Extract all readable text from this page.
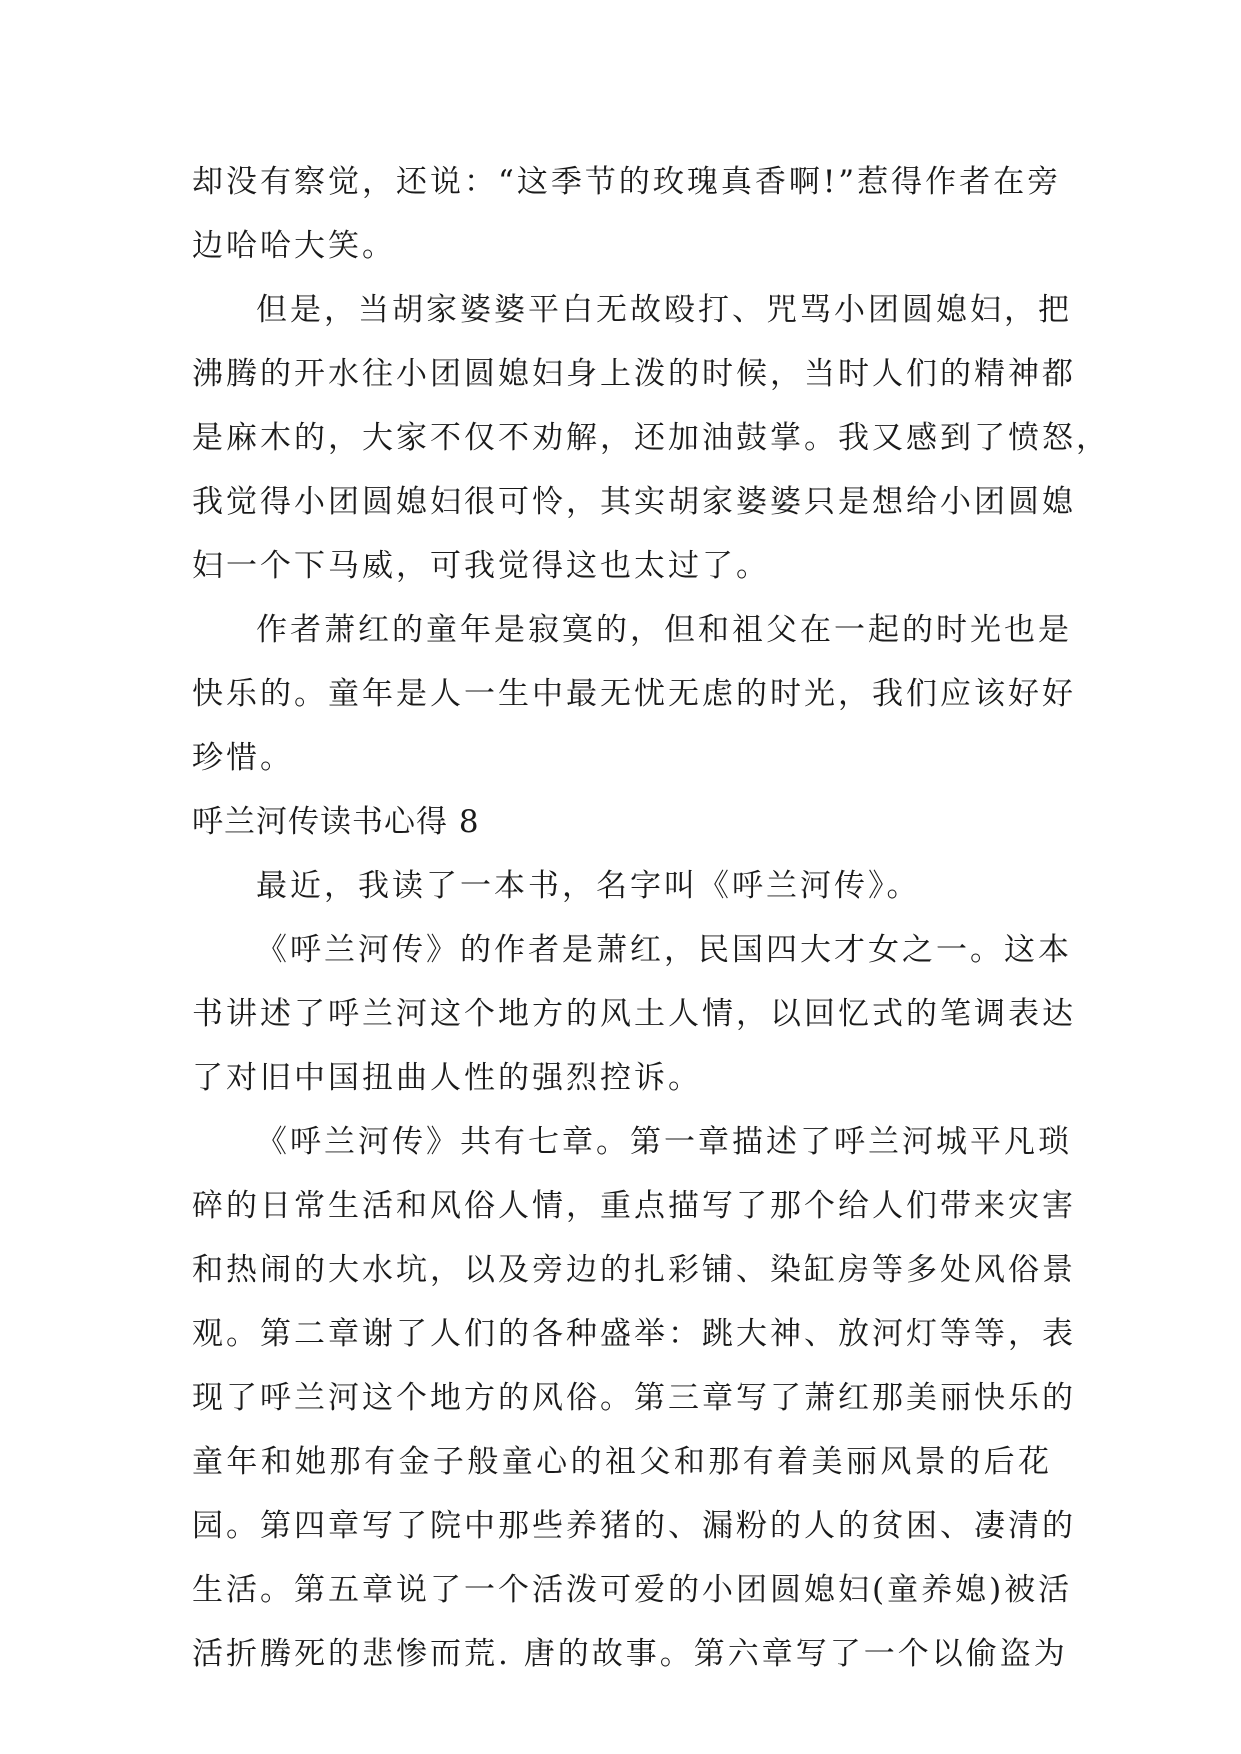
却没有察觉，还说：“这季节的玫瑰真香啊!”惹得作者在旁
边哈哈大笑。
但是，当胡家婆婆平白无故殴打、咒骂小团圆媳妇，把
沸腾的开水往小团圆媳妇身上泼的时候，当时人们的精神都
是麻木的，大家不仅不劝解，还加油鼓掌。我又感到了愤怒，
我觉得小团圆媳妇很可怜，其实胡家婆婆只是想给小团圆媳
妇一个下马威，可我觉得这也太过了。
作者萧红的童年是寂寞的，但和祖父在一起的时光也是
快乐的。童年是人一生中最无忧无虑的时光，我们应该好好
珍惜。
呼兰河传读书心得 8
最近，我读了一本书，名字叫《呼兰河传》。
《呼兰河传》的作者是萧红，民国四大才女之一。这本
书讲述了呼兰河这个地方的风土人情，以回忆式的笔调表达
了对旧中国扭曲人性的强烈控诉。
《呼兰河传》共有七章。第一章描述了呼兰河城平凡琐
碎的日常生活和风俗人情，重点描写了那个给人们带来灾害
和热闹的大水坑，以及旁边的扎彩铺、染缸房等多处风俗景
观。第二章谢了人们的各种盛举：跳大神、放河灯等等，表
现了呼兰河这个地方的风俗。第三章写了萧红那美丽快乐的
童年和她那有金子般童心的祖父和那有着美丽风景的后花
园。第四章写了院中那些养猪的、漏粉的人的贫困、凄清的
生活。第五章说了一个活泼可爱的小团圆媳妇(童养媳)被活
活折腾死的悲惨而荒. 唐的故事。第六章写了一个以偷盗为
